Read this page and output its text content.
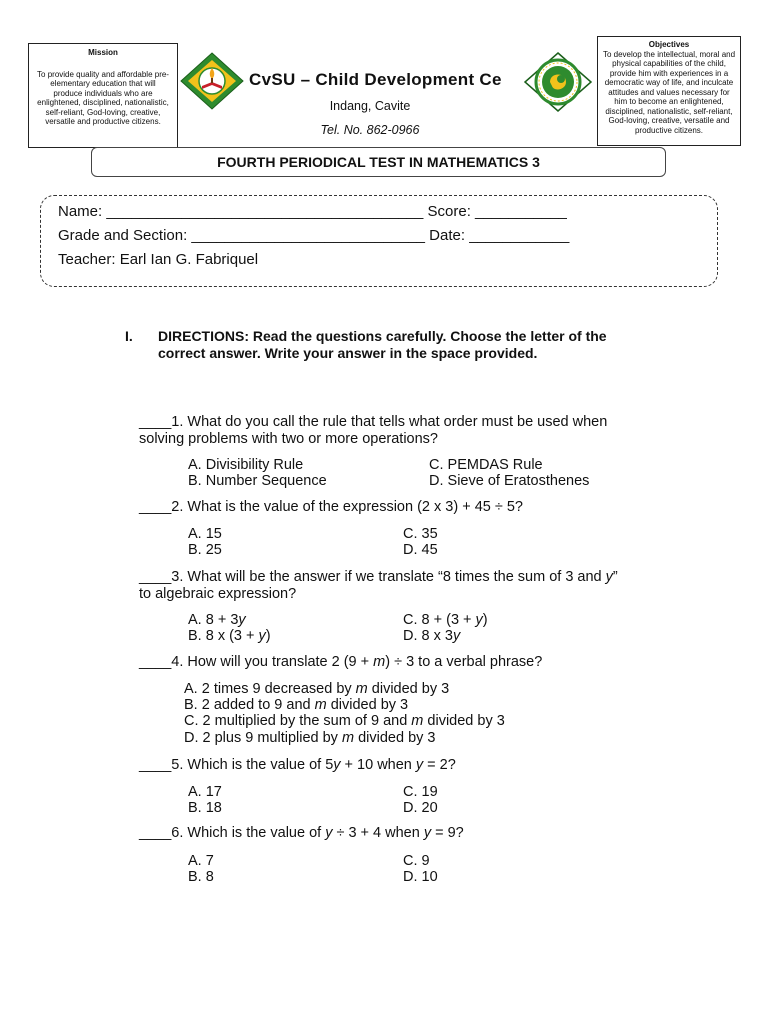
Mission
To provide quality and affordable pre- elementary education that will produce individuals who are enlightened, disciplined, nationalistic, self-reliant, God-loving, creative, versatile and productive citizens.
CvSU – Child Development Ce
Indang, Cavite
Tel. No. 862-0966
Objectives
To develop the intellectual, moral and physical capabilities of the child, provide him with experiences in a democratic way of life, and inculcate attitudes and values necessary for him to become an enlightened, disciplined, nationalistic, self-reliant, God-loving, creative, versatile and productive citizens.
FOURTH PERIODICAL TEST IN MATHEMATICS 3
Name: ______________________________________ Score: ___________
Grade and Section: ____________________________ Date: ____________
Teacher: Earl Ian G. Fabriquel
I. DIRECTIONS: Read the questions carefully. Choose the letter of the correct answer. Write your answer in the space provided.
____1. What do you call the rule that tells what order must be used when solving problems with two or more operations?
A. Divisibility Rule
B. Number Sequence
C. PEMDAS Rule
D. Sieve of Eratosthenes
____2. What is the value of the expression (2 x 3) + 45 ÷ 5?
A. 15
B. 25
C. 35
D. 45
____3. What will be the answer if we translate “8 times the sum of 3 and y” to algebraic expression?
A. 8 + 3y
B. 8 x (3 + y)
C. 8 + (3 + y)
D. 8 x 3y
____4. How will you translate 2 (9 + m) ÷ 3 to a verbal phrase?
A. 2 times 9 decreased by m divided by 3
B. 2 added to 9 and m divided by 3
C. 2 multiplied by the sum of 9 and m divided by 3
D. 2 plus 9 multiplied by m divided by 3
____5. Which is the value of 5y + 10 when y = 2?
A. 17
B. 18
C. 19
D. 20
____6. Which is the value of y ÷ 3 + 4 when y = 9?
A. 7
B. 8
C. 9
D. 10
